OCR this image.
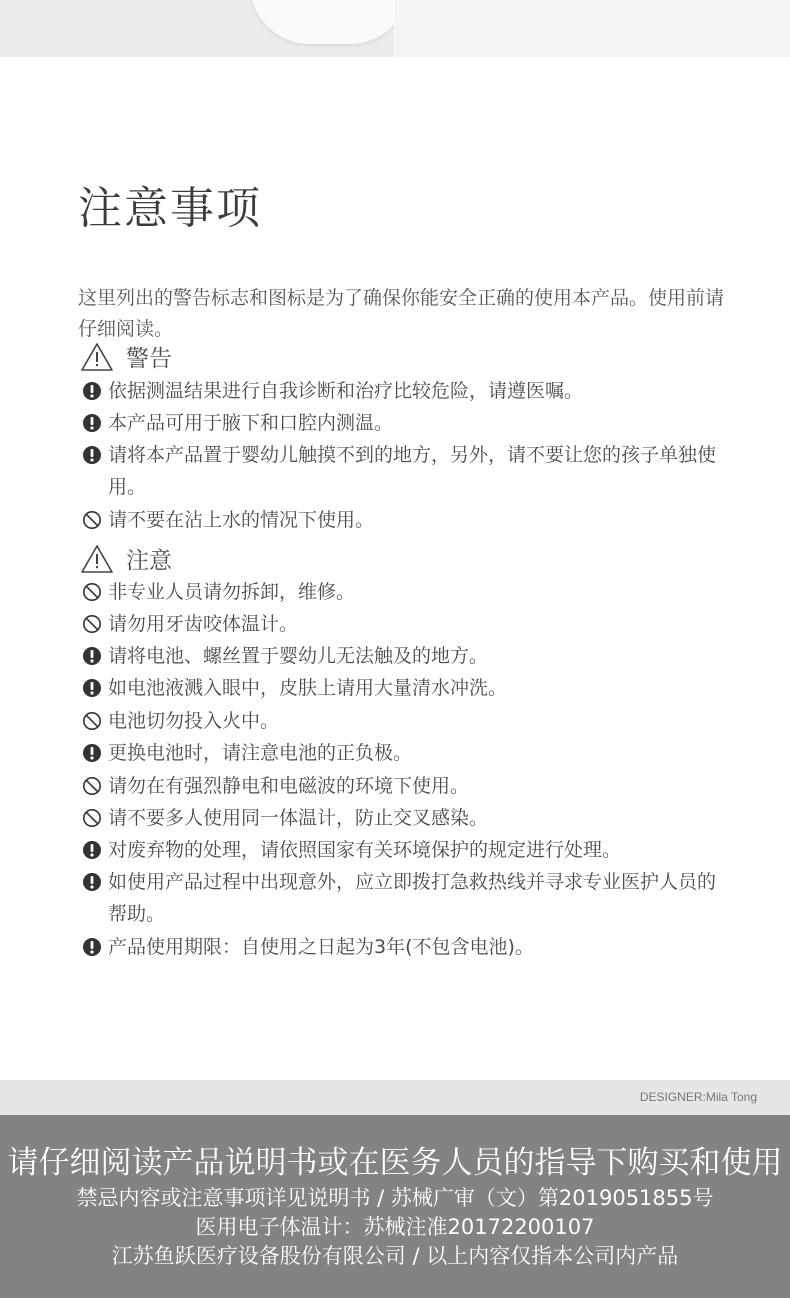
注意事项

这里列出的警告标志和图标是为了确保你能安全正确的使用本产品。使用前请仔细阅读。

警告
依据测温结果进行自我诊断和治疗比较危险，请遵医嘱。
本产品可用于腋下和口腔内测温。
请将本产品置于婴幼儿触摸不到的地方，另外，请不要让您的孩子单独使用。
请不要在沾上水的情况下使用。
注意
非专业人员请勿拆卸，维修。
请勿用牙齿咬体温计。
请将电池、螺丝置于婴幼儿无法触及的地方。
如电池液溅入眼中，皮肤上请用大量清水冲洗。
电池切勿投入火中。
更换电池时，请注意电池的正负极。
请勿在有强烈静电和电磁波的环境下使用。
请不要多人使用同一体温计，防止交叉感染。
对废弃物的处理，请依照国家有关环境保护的规定进行处理。
如使用产品过程中出现意外，应立即拨打急救热线并寻求专业医护人员的帮助。
产品使用期限：自使用之日起为3年(不包含电池)。
DESIGNER:Mila Tong
请仔细阅读产品说明书或在医务人员的指导下购买和使用
禁忌内容或注意事项详见说明书 / 苏械广审（文）第2019051855号
医用电子体温计：苏械注准20172200107
江苏鱼跃医疗设备股份有限公司 / 以上内容仅指本公司内产品
